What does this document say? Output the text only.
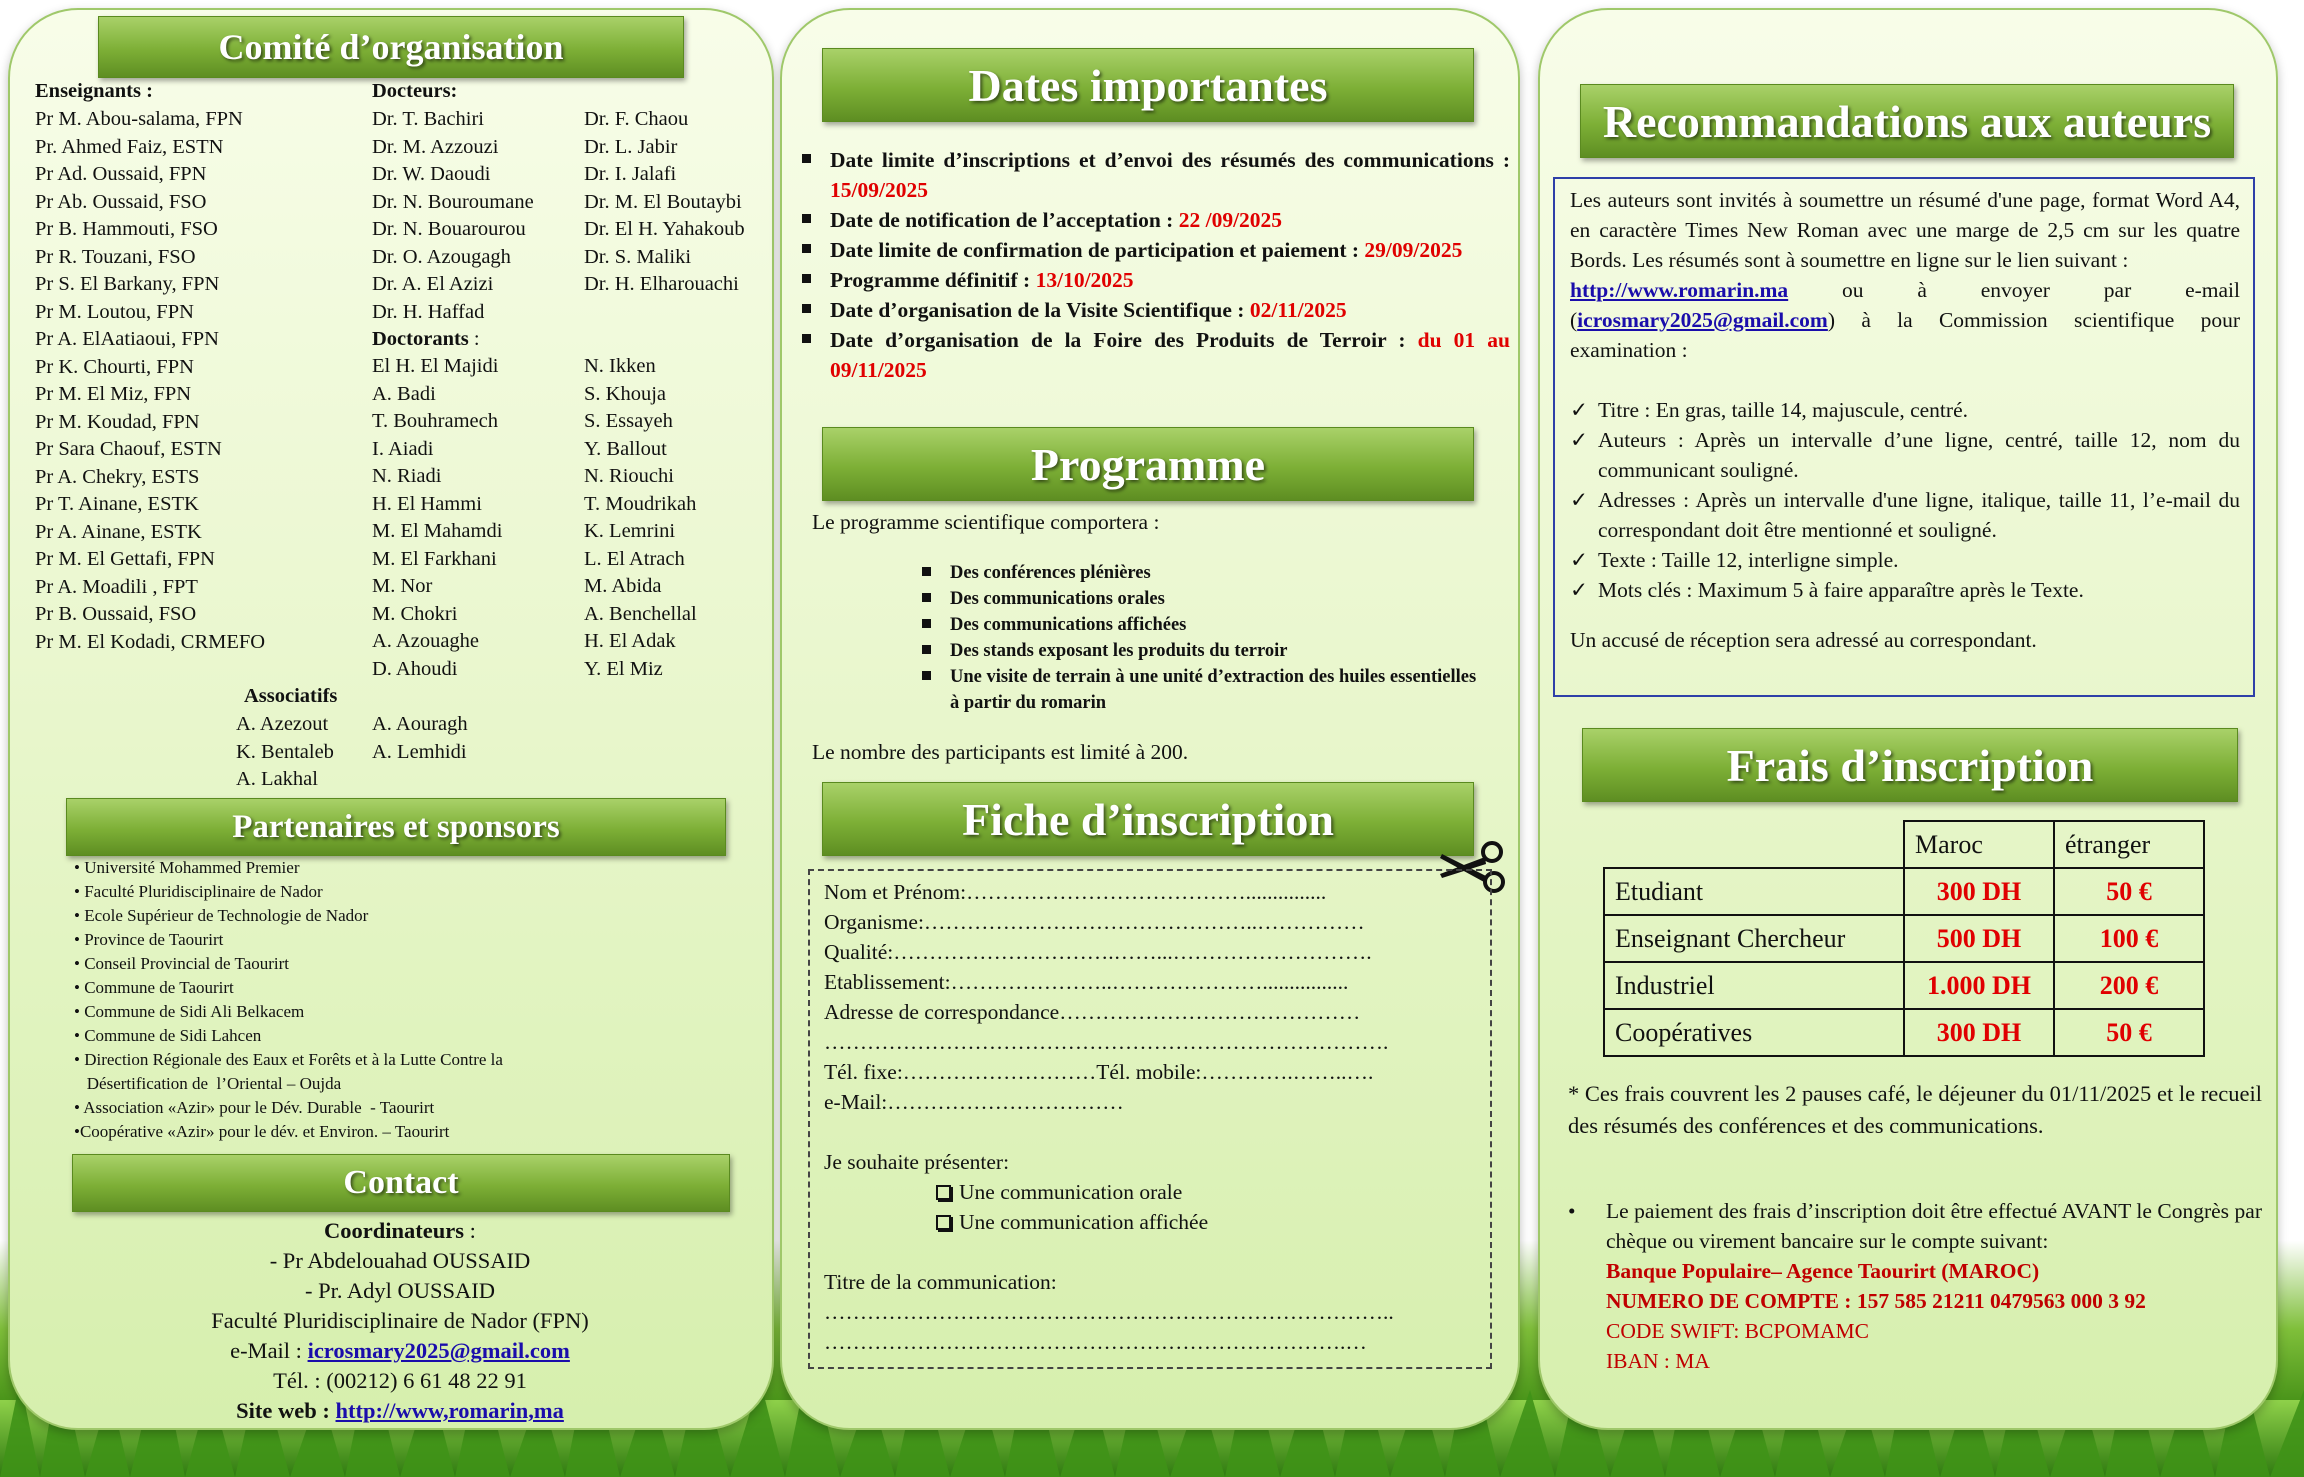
Comité d’organisation
Enseignants :
Pr M. Abou-salama, FPN
Pr. Ahmed Faiz, ESTN
Pr Ad. Oussaid, FPN
Pr Ab. Oussaid, FSO
Pr B. Hammouti, FSO
Pr R. Touzani, FSO
Pr S. El Barkany, FPN
Pr M. Loutou, FPN
Pr A. ElAatiaoui, FPN
Pr K. Chourti, FPN
Pr M. El Miz, FPN
Pr M. Koudad, FPN
Pr Sara Chaouf, ESTN
Pr A. Chekry, ESTS
Pr T. Ainane, ESTK
Pr A. Ainane, ESTK
Pr M. El Gettafi, FPN
Pr A. Moadili , FPT
Pr B. Oussaid, FSO
Pr M. El Kodadi, CRMEFO
Docteurs:
Dr. T. Bachiri
Dr. M. Azzouzi
Dr. W. Daoudi
Dr. N. Bouroumane
Dr. N. Bouarourou
Dr. O. Azougagh
Dr. A. El Azizi
Dr. H. Haffad
Dr. F. Chaou
Dr. L. Jabir
Dr. I. Jalafi
Dr. M. El Boutaybi
Dr. El H. Yahakoub
Dr. S. Maliki
Dr. H. Elharouachi
Doctorants :
El H. El Majidi
A. Badi
T. Bouhramech
I. Aiadi
N. Riadi
H. El Hammi
M. El Mahamdi
M. El Farkhani
M. Nor
M. Chokri
A. Azouaghe
D. Ahoudi
N. Ikken
S. Khouja
S. Essayeh
Y. Ballout
N. Riouchi
T. Moudrikah
K. Lemrini
L. El Atrach
M. Abida
A. Benchellal
H. El Adak
Y. El Miz
Associatifs
A. Azezout
K. Bentaleb
A. Lakhal
A. Aouragh
A. Lemhidi
Partenaires et sponsors
• Université Mohammed Premier
• Faculté Pluridisciplinaire de Nador
• Ecole Supérieur de Technologie de Nador
• Province de Taourirt
• Conseil Provincial de Taourirt
• Commune de Taourirt
• Commune de Sidi Ali Belkacem
• Commune de Sidi Lahcen
• Direction Régionale des Eaux et Forêts et à la Lutte Contre la
Désertification de  l’Oriental – Oujda
• Association «Azir» pour le Dév. Durable  - Taourirt
•Coopérative «Azir» pour le dév. et Environ. – Taourirt
Contact
Coordinateurs :
- Pr Abdelouahad OUSSAID
- Pr. Adyl OUSSAID
Faculté Pluridisciplinaire de Nador (FPN)
e-Mail : icrosmary2025@gmail.com
Tél. : (00212) 6 61 48 22 91
Site web : http://www,romarin,ma
Dates importantes
Date limite d’inscriptions et d’envoi des résumés des communications : 15/09/2025
Date de notification de l’acceptation : 22 /09/2025
Date limite de confirmation de participation et paiement : 29/09/2025
Programme définitif : 13/10/2025
Date d’organisation de la Visite Scientifique : 02/11/2025
Date d’organisation de la Foire des Produits de Terroir : du 01 au 09/11/2025
Programme
Le programme scientifique comportera :
Des conférences plénières
Des communications orales
Des communications affichées
Des stands exposant les produits du terroir
Une visite de terrain à une unité d’extraction des huiles essentielles à partir du romarin
Le nombre des participants est limité à 200.
Fiche d’inscription
Nom et Prénom:…………………………………...............
Organisme:………………………………………..……………
Qualité:………………………….……...……………………….
Etablissement:…………………..…………………................
Adresse de correspondance……………………………………
…………………………………………………………………….
Tél. fixe:………………………Tél. mobile:………….……..….
e-Mail:……………………………
Je souhaite présenter:
Une communication orale
Une communication affichée
Titre de la communication:
……………………………………………………………………..
……………………………………………………………….…
Recommandations aux auteurs
Les auteurs sont invités à soumettre un résumé d'une page, format Word A4, en caractère Times New Roman avec une marge de 2,5 cm sur les quatre Bords. Les résumés sont à soumettre en ligne sur le lien suivant :
http://www.romarin.ma ou à envoyer par e-mail (icrosmary2025@gmail.com) à la Commission scientifique pour examination :
✓ Titre : En gras, taille 14, majuscule, centré.
✓ Auteurs : Après un intervalle d’une ligne, centré, taille 12, nom du communicant souligné.
✓ Adresses : Après un intervalle d'une ligne, italique, taille 11, l’e-mail du correspondant doit être mentionné et souligné.
✓ Texte : Taille 12, interligne simple.
✓ Mots clés : Maximum 5 à faire apparaître après le Texte.
Un accusé de réception sera adressé au correspondant.
Frais d’inscription
	Maroc	étranger
Etudiant	300 DH	50 €
Enseignant Chercheur	500 DH	100 €
Industriel	1.000 DH	200 €
Coopératives	300 DH	50 €
* Ces frais couvrent les 2 pauses café, le déjeuner du 01/11/2025 et le recueil des résumés des conférences et des communications.
• Le paiement des frais d’inscription doit être effectué AVANT le Congrès par chèque ou virement bancaire sur le compte suivant:
Banque Populaire– Agence Taourirt (MAROC)
NUMERO DE COMPTE : 157 585 21211 0479563 000 3 92
CODE SWIFT: BCPOMAMC
IBAN : MA
